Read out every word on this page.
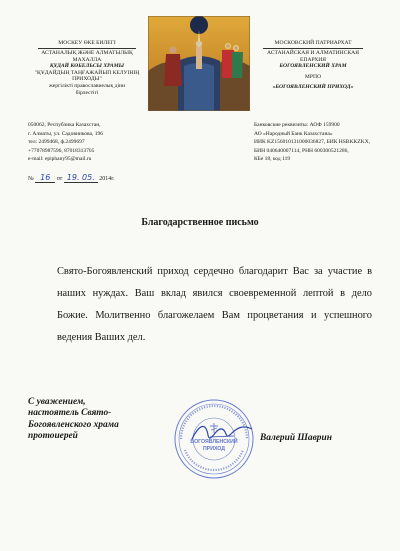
МОСКЕУ ӨКЕ БИЛЕГІ
АСТАНАЛЫҚ ЖӘНЕ АЛМАТЫЛЫҚ
МАХАЛЛА
ҚҰДАЙ КӨБЕЛЬСЫ ХРАМЫ
"ҚҰДАЙДЫҢ ТАҢҒАЖАЙЫП КЕЛУІНІҢ
ПРИХОДЫ"
жергілікті православиелық діни
бірлестігі
МОСКОВСКИЙ ПАТРИАРХАТ
АСТАНАЙСКАЯ И АЛМАТИНСКАЯ
ЕПАРХИЯ
БОГОЯВЛЕНСКИЙ ХРАМ
МРПО
«БОГОЯВЛЕНСКИЙ ПРИХОД»
050062, Республика Казахстан,
г. Алматы, ул. Садовникова, 196
тел: 2499468, ф.2499697
+77078987596, 87018313705
e-mail: epiphany95@mail.ru
Банковские реквизиты: АОФ 159900
АО «Народный Банк Казахстана»
ИИК KZ156010131000036827, БИК HSBKKZKX,
БИН 040640007114, РНН 600300521286,
КБе 18, код 119
№ 16 от 19. 05. 2014г.
Благодарственное письмо
Свято-Богоявленский приход сердечно благодарит Вас за участие в наших нуждах. Ваш вклад явился своевременной лептой в дело Божие. Молитвенно благожелаем Вам процветания и успешного ведения Ваших дел.
С уважением,
настоятель Свято-
Богоявленского храма
протоиерей
БОГОЯВЛЕНСКИЙ
ПРИХОД
Валерий Шаврин
